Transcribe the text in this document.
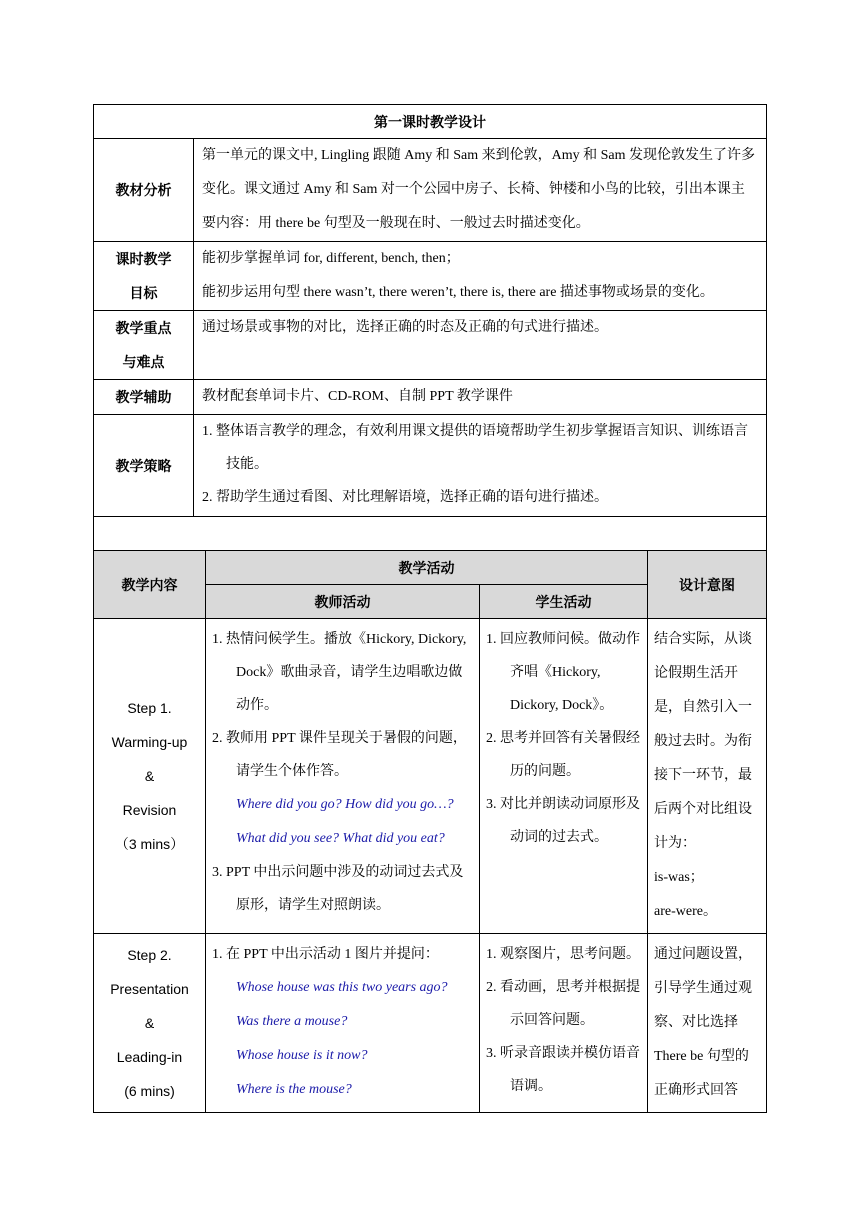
第一课时教学设计	
教材分析	第一单元的课文中, Lingling 跟随 Amy 和 Sam 来到伦敦，Amy 和 Sam 发现伦敦发生了许多变化。课文通过 Amy 和 Sam 对一个公园中房子、长椅、钟楼和小鸟的比较，引出本课主要内容：用 there be 句型及一般现在时、一般过去时描述变化。

课时教学
目标	能初步掌握单词 for, different, bench, then；
能初步运用句型 there wasn’t, there weren’t, there is, there are 描述事物或场景的变化。

教学重点
与难点	通过场景或事物的对比，选择正确的时态及正确的句式进行描述。
教学辅助	教材配套单词卡片、CD-ROM、自制 PPT 教学课件
教学策略	1. 整体语言教学的理念，有效利用课文提供的语境帮助学生初步掌握语言知识、训练语言技能。
2. 帮助学生通过看图、对比理解语境，选择正确的语句进行描述。

教学内容	教学活动		设计意图
	教师活动	学生活动	

Step 1.
Warming-up
&
Revision
（3 mins）	1. 热情问候学生。播放《Hickory, Dickory, Dock》歌曲录音，请学生边唱歌边做动作。
2. 教师用 PPT 课件呈现关于暑假的问题，请学生个体作答。
Where did you go? How did you go…?
What did you see? What did you eat?
3. PPT 中出示问题中涉及的动词过去式及原形，请学生对照朗读。	1. 回应教师问候。做动作齐唱《Hickory, Dickory, Dock》。
2. 思考并回答有关暑假经历的问题。
3. 对比并朗读动词原形及动词的过去式。	结合实际，从谈论假期生活开是，自然引入一般过去时。为衔接下一环节，最后两个对比组设计为：
is-was；
are-were。

Step 2.
Presentation
&
Leading-in
(6 mins)	1. 在 PPT 中出示活动 1 图片并提问：
Whose house was this two years ago?
Was there a mouse?
Whose house is it now?
Where is the mouse?	1. 观察图片，思考问题。
2. 看动画，思考并根据提示回答问题。
3. 听录音跟读并模仿语音语调。	通过问题设置，引导学生通过观察、对比选择 There be 句型的正确形式回答
